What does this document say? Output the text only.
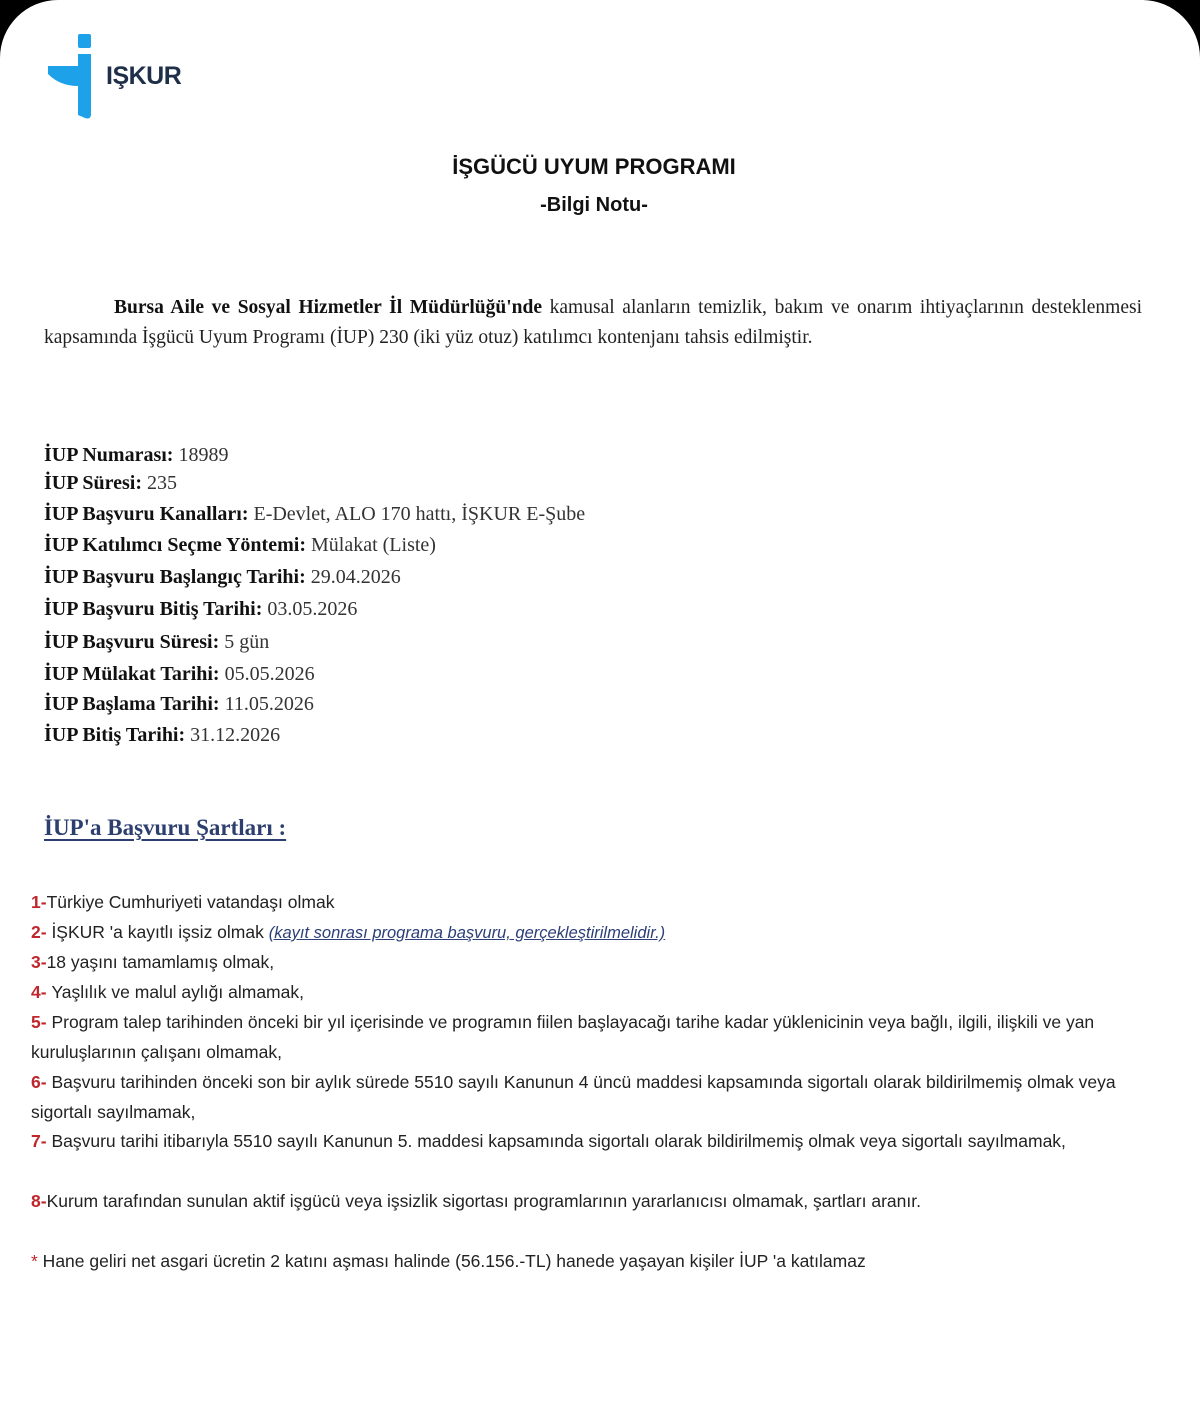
IŞKUR
İŞGÜCÜ UYUM PROGRAMI
-Bilgi Notu-

Bursa Aile ve Sosyal Hizmetler İl Müdürlüğü'nde kamusal alanların temizlik, bakım ve onarım ihtiyaçlarının desteklenmesi kapsamında İşgücü Uyum Programı (İUP) 230 (iki yüz otuz) katılımcı kontenjanı tahsis edilmiştir.

İUP Numarası: 18989
İUP Süresi: 235
İUP Başvuru Kanalları: E-Devlet, ALO 170 hattı, İŞKUR E-Şube
İUP Katılımcı Seçme Yöntemi: Mülakat (Liste)
İUP Başvuru Başlangıç Tarihi: 29.04.2026
İUP Başvuru Bitiş Tarihi: 03.05.2026
İUP Başvuru Süresi: 5 gün
İUP Mülakat Tarihi: 05.05.2026
İUP Başlama Tarihi: 11.05.2026
İUP Bitiş Tarihi: 31.12.2026
İUP'a Başvuru Şartları :
1-Türkiye Cumhuriyeti vatandaşı olmak
2- İŞKUR 'a kayıtlı işsiz olmak (kayıt sonrası programa başvuru, gerçekleştirilmelidir.)
3-18 yaşını tamamlamış olmak,
4- Yaşlılık ve malul aylığı almamak,
5- Program talep tarihinden önceki bir yıl içerisinde ve programın fiilen başlayacağı tarihe kadar yüklenicinin veya bağlı, ilgili, ilişkili ve yan kuruluşlarının çalışanı olmamak,
6- Başvuru tarihinden önceki son bir aylık sürede 5510 sayılı Kanunun 4 üncü maddesi kapsamında sigortalı olarak bildirilmemiş olmak veya sigortalı sayılmamak,
7- Başvuru tarihi itibarıyla 5510 sayılı Kanunun 5. maddesi kapsamında sigortalı olarak bildirilmemiş olmak veya sigortalı sayılmamak,
8-Kurum tarafından sunulan aktif işgücü veya işsizlik sigortası programlarının yararlanıcısı olmamak, şartları aranır.
* Hane geliri net asgari ücretin 2 katını aşması halinde (56.156.-TL) hanede yaşayan kişiler İUP 'a katılamaz
